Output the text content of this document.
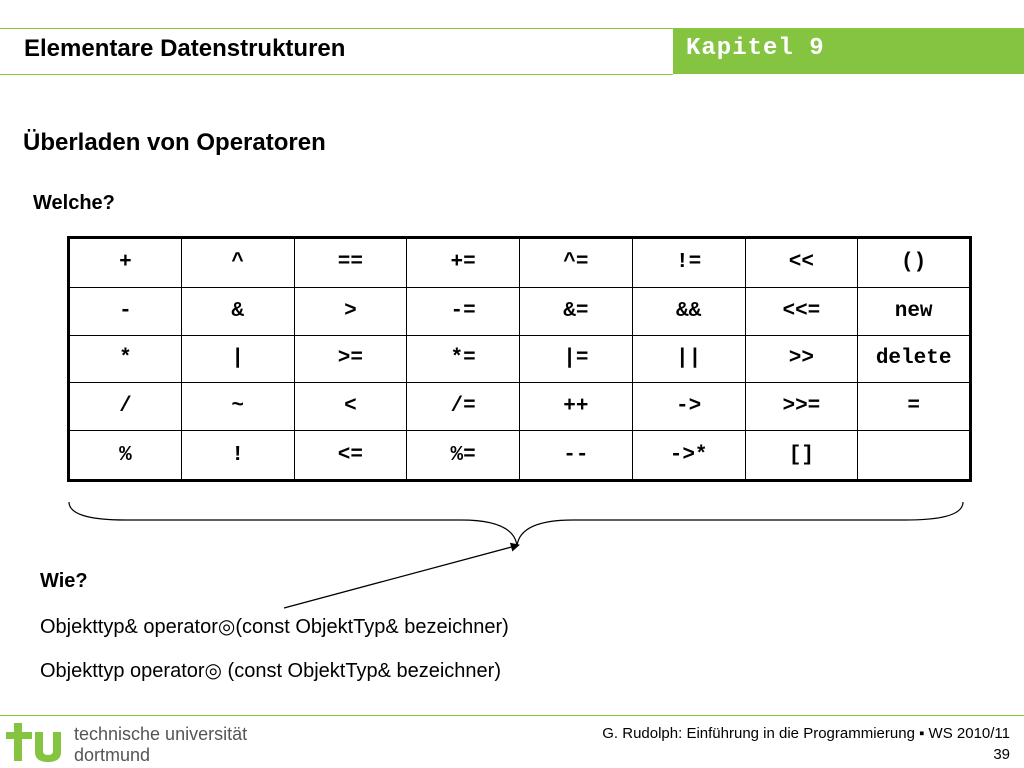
Elementare Datenstrukturen	Kapitel 9
Überladen von Operatoren
Welche?
+	^	==	+=	^=	!=	<<	()
-	&	>	-=	&=	&&	<<=	new
*	|	>=	*=	|=	||	>>	delete
/	~	<	/=	++	->	>>=	=
%	!	<=	%=	--	->*	[]	
Wie?
Objekttyp& operator◎(const ObjektTyp& bezeichner)
Objekttyp operator◎ (const ObjektTyp& bezeichner)
technische universität
dortmund
G. Rudolph: Einführung in die Programmierung ▪ WS 2010/11
39
